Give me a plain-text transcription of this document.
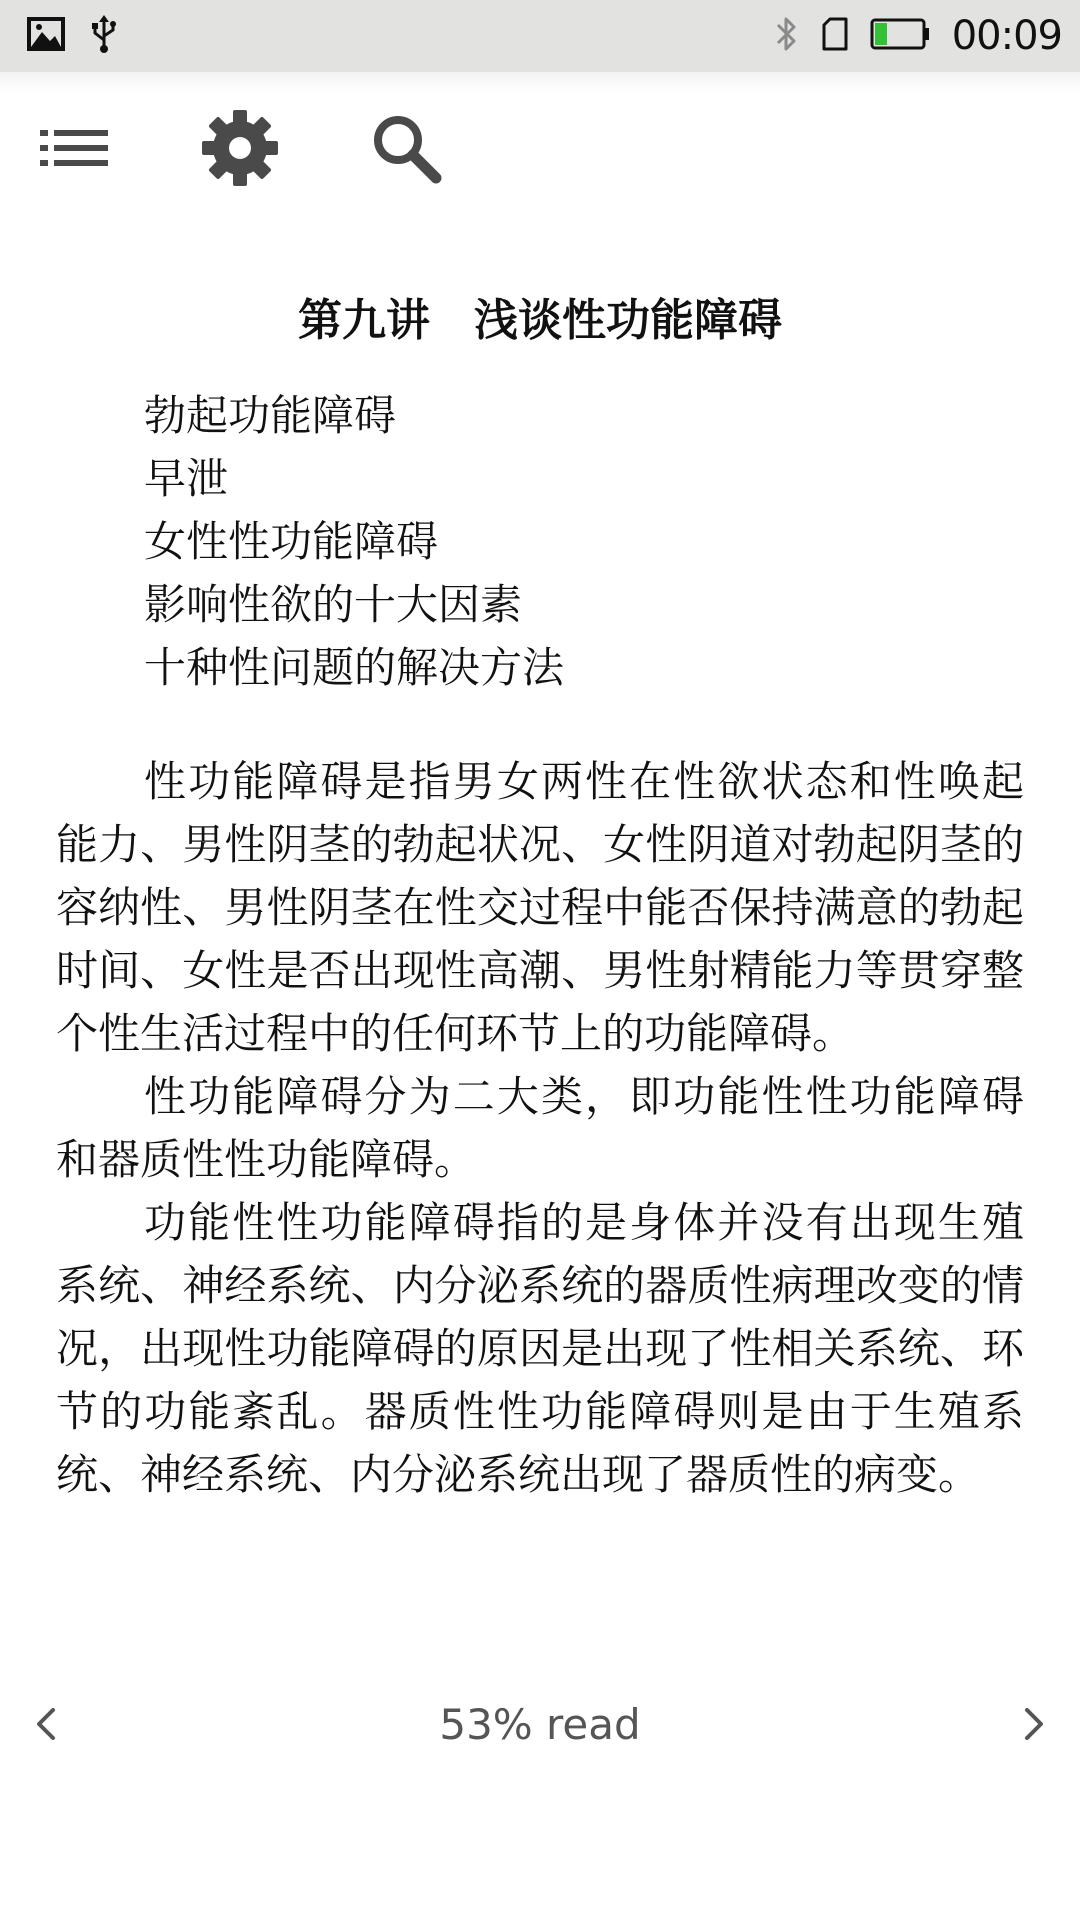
00:09
第九讲　浅谈性功能障碍
勃起功能障碍
早泄
女性性功能障碍
影响性欲的十大因素
十种性问题的解决方法

性功能障碍是指男女两性在性欲状态和性唤起能力、男性阴茎的勃起状况、女性阴道对勃起阴茎的容纳性、男性阴茎在性交过程中能否保持满意的勃起时间、女性是否出现性高潮、男性射精能力等贯穿整个性生活过程中的任何环节上的功能障碍。

性功能障碍分为二大类，即功能性性功能障碍和器质性性功能障碍。

功能性性功能障碍指的是身体并没有出现生殖系统、神经系统、内分泌系统的器质性病理改变的情况，出现性功能障碍的原因是出现了性相关系统、环节的功能紊乱。器质性性功能障碍则是由于生殖系统、神经系统、内分泌系统出现了器质性的病变。

53% read
